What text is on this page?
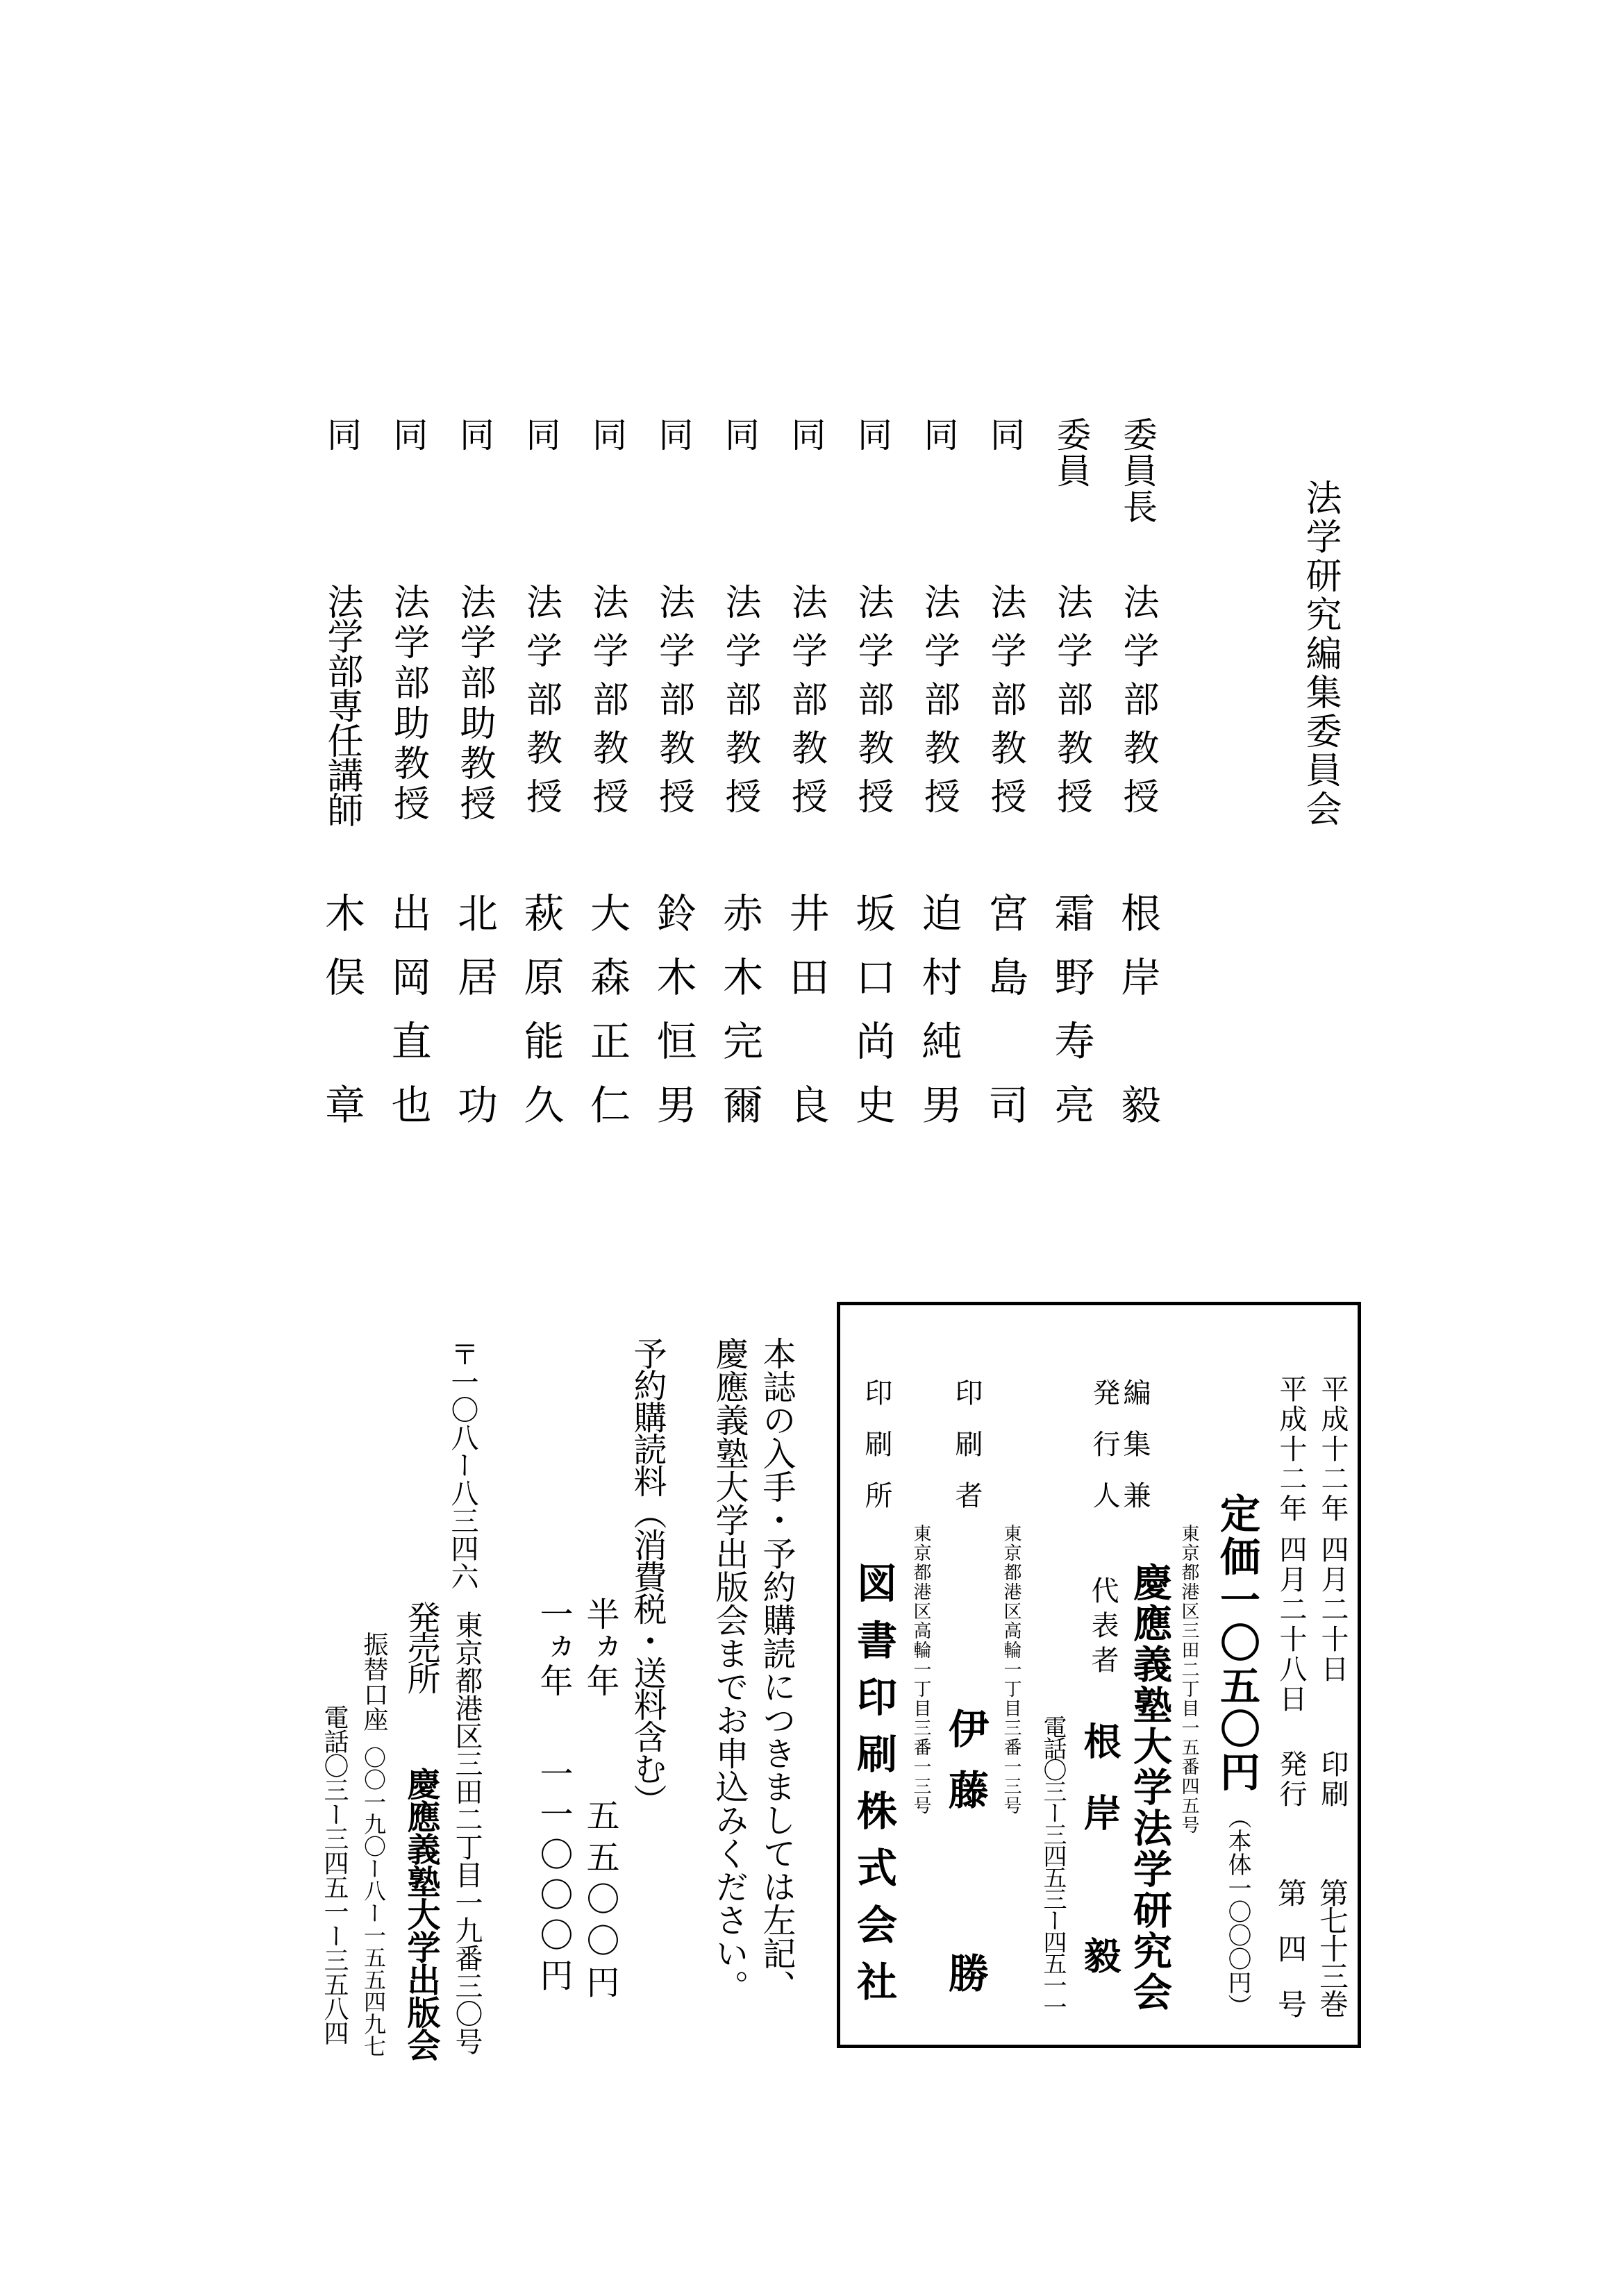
法学研究編集委員会
委員長
法学部教授
根岸　毅
委員
法学部教授
霜野寿亮
同
法学部教授
宮島　司
同
法学部教授
迫村純男
同
法学部教授
坂口尚史
同
法学部教授
井田　良
同
法学部教授
赤木完爾
同
法学部教授
鈴木恒男
同
法学部教授
大森正仁
同
法学部教授
萩原能久
同
法学部助教授
北居　功
同
法学部助教授
出岡直也
同
法学部専任講師
木俣　章
平成十二年 四月二十日
印刷
第七十三巻
平成十二年 四月二十八日
発行
第　四　号
定価一〇五〇円
（本体一〇〇〇円）
東京都港区三田二丁目一五番四五号
編集兼
発行人
慶應義塾大学法学研究会
代表者
根岸　毅
電話〇三ー三四五三ー四五一一
印刷者
東京都港区高輪一丁目三番一三号
伊藤　　勝
印刷所
東京都港区高輪一丁目三番一三号
図書印刷株式会社
本誌の入手・予約購読につきましては左記、
慶應義塾大学出版会までお申込みください。
予約購読料（消費税・送料含む）
半ヵ年
五五〇〇円
一ヵ年
一一〇〇〇円
〒一〇八ー八三四六
東京都港区三田二丁目一九番三〇号
発売所
慶應義塾大学出版会
振替口座
〇〇一九〇ー八ー一五五四九七
電話〇三ー三四五一ー三五八四
